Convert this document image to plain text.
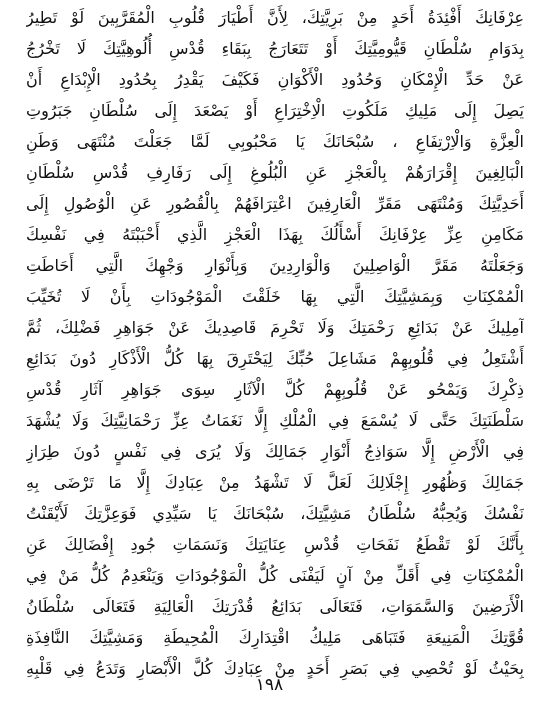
عِرْفَانِكَ أَفْئِدَةُ أَحَدٍ مِنْ بَرِيَّتِكَ، لِأَنَّ أَطْيَارَ قُلُوبِ الْمُقَرَّبِينَ لَوْ تَطِيرُ
بِدَوَامِ سُلْطَانِ قَيُّومِيَّتِكَ أَوْ تَتَعَارَجُ بِبَقَاءِ قُدْسِ أُلُوهِيَّتِكَ لَا تَخْرُجُ
عَنْ حَدِّ الْإِمْكَانِ وَحُدُودِ الْأَكْوَانِ فَكَيْفَ يَقْدِرُ بِحُدُودِ الْإِبْدَاعِ أَنْ
يَصِلَ إِلَى مَلِيكِ مَلَكُوتِ الْاِخْتِرَاعِ أَوْ يَصْعَدَ إِلَى سُلْطَانِ جَبَرُوتِ
الْعِزَّةِ وَالْاِرْتِفَاعِ ، سُبْحَانَكَ يَا مَحْبُوبِي لَمَّا جَعَلْتَ مُنْتَهَى وَطَنِ
الْبَالِغِينَ إِقْرَارَهُمْ بِالْعَجْزِ عَنِ الْبُلُوغِ إِلَى رَفَارِفِ قُدْسِ سُلْطَانِ
أَحَدِيَّتِكَ وَمُنْتَهَى مَقَرِّ الْعَارِفِينَ اعْتِرَافَهُمْ بِالْقُصُورِ عَنِ الْوُصُولِ إِلَى
مَكَامِنِ عِزِّ عِرْفَانِكَ أَسْأَلُكَ بِهَذَا الْعَجْزِ الَّذِي أَحْبَبْتَهُ فِي نَفْسِكَ
وَجَعَلْتَهُ مَقَرَّ الْوَاصِلِينَ وَالْوَارِدِينَ وَبِأَنْوَارِ وَجْهِكَ الَّتِي أَحَاطَتِ
الْمُمْكِنَاتِ وَبِمَشِيَّتِكَ الَّتِي بِهَا خَلَقْتَ الْمَوْجُودَاتِ بِأَنْ لَا تُخَيِّبَ
آمِلِيكَ عَنْ بَدَائِعِ رَحْمَتِكَ وَلَا تَحْرِمَ قَاصِدِيكَ عَنْ جَوَاهِرِ فَضْلِكَ، ثُمَّ
أَشْتَعِلُ فِي قُلُوبِهِمْ مَشَاعِلَ حُبِّكَ لِيَحْتَرِقَ بِهَا كُلُّ الْأَذْكَارِ دُونَ بَدَائِعِ
ذِكْرِكَ وَيَمْحُو عَنْ قُلُوبِهِمْ كُلَّ الْآثَارِ سِوَى جَوَاهِرِ آثَارِ قُدْسِ
سَلْطَنَتِكَ حَتَّى لَا يُسْمَعَ فِي الْمُلْكِ إِلَّا نَغَمَاتُ عِزِّ رَحْمَانِيَّتِكَ وَلَا يُشْهَدَ
فِي الْأَرْضِ إِلَّا سَوَاذِجُ أَنْوَارِ جَمَالِكَ وَلَا يُرَى فِي نَفْسٍ دُونَ طِرَازِ
جَمَالِكَ وَظُهُورِ إِجْلَالِكَ لَعَلَّ لَا تَشْهَدُ مِنْ عِبَادِكَ إِلَّا مَا تَرْضَى بِهِ
نَفْسُكَ وَيُحِبُّهُ سُلْطَانُ مَشِيَّتِكَ، سُبْحَانَكَ يَا سَيِّدِي فَوَعِزَّتِكَ لَأَيْقَنْتُ
بِأَنَّكَ لَوْ تَقْطَعُ نَفَحَاتِ قُدْسِ عِنَايَتِكَ وَنَسَمَاتِ جُودِ إِفْضَالِكَ عَنِ
الْمُمْكِنَاتِ فِي أَقَلِّ مِنْ آنٍ لَيَفْنَى كُلُّ الْمَوْجُودَاتِ وَيَنْعَدِمُ كُلُّ مَنْ فِي
الْأَرَضِينَ وَالسَّمَوَاتِ، فَتَعَالَى بَدَائِعُ قُدْرَتِكَ الْعَالِيَةِ فَتَعَالَى سُلْطَانُ
قُوَّتِكَ الْمَنِيعَةِ فَتَبَاهَى مَلِيكُ اقْتِدَارِكَ الْمُحِيطَةِ وَمَشِيَّتِكَ النَّافِذَةِ
بِحَيْثُ لَوْ تُحْصِي فِي بَصَرِ أَحَدٍ مِنْ عِبَادِكَ كُلَّ الْأَبْصَارِ وَتَدَعُ فِي قَلْبِهِ
١٩٨
